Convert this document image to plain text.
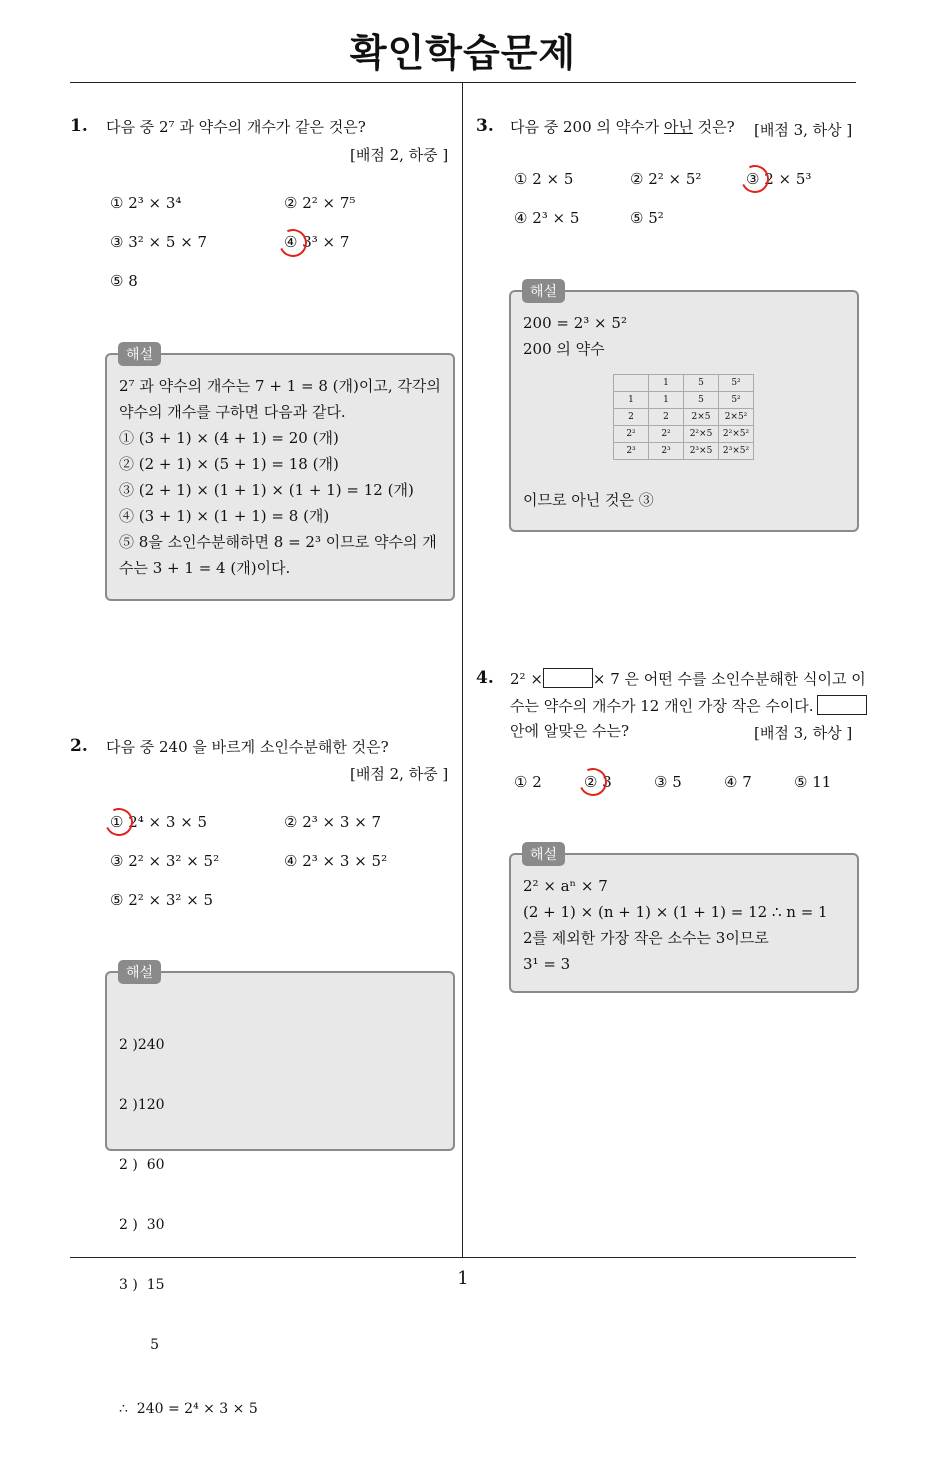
확인학습문제
1
1. 다음 중 2⁷ 과 약수의 개수가 같은 것은?
[배점 2, 하중 ]
① 2³ × 3⁴	② 2² × 7⁵
③ 3² × 5 × 7	④ 3³ × 7
⑤ 8
2⁷ 과 약수의 개수는 7 + 1 = 8 (개)이고, 각각의
약수의 개수를 구하면 다음과 같다.
① (3 + 1) × (4 + 1) = 20 (개)
② (2 + 1) × (5 + 1) = 18 (개)
③ (2 + 1) × (1 + 1) × (1 + 1) = 12 (개)
④ (3 + 1) × (1 + 1) = 8 (개)
⑤ 8을 소인수분해하면 8 = 2³ 이므로 약수의 개
수는 3 + 1 = 4 (개)이다.
해설
2. 다음 중 240 을 바르게 소인수분해한 것은?
[배점 2, 하중 ]
① 2⁴ × 3 × 5	② 2³ × 3 × 7
③ 2² × 3² × 5²	④ 2³ × 3 × 5²
⑤ 2² × 3² × 5

2 )240

2 )120

2 )  60

2 )  30

3 )  15

5

∴  240 = 2⁴ × 3 × 5

해설
3. 다음 중 200 의 약수가 아닌 것은? [배점 3, 하상 ]
① 2 × 5	② 2² × 5²	③ 2 × 5³
④ 2³ × 5	⑤ 5²
200 = 2³ × 5²
200 의 약수
	1	5	5²
1	1	5	5²
2	2	2×5	2×5²
2²	2²	2²×5	2²×5²
2³	2³	2³×5	2³×5²
이므로 아닌 것은 ③
해설
4. 2² ×	× 7 은 어떤 수를 소인수분해한 식이고 이
수는 약수의 개수가 12 개인 가장 작은 수이다.
안에 알맞은 수는?	[배점 3, 하상 ]
① 2	② 3	③ 5	④ 7	⑤ 11
2² × aⁿ × 7
(2 + 1) × (n + 1) × (1 + 1) = 12 ∴ n = 1
2를 제외한 가장 작은 소수는 3이므로
3¹ = 3
해설
